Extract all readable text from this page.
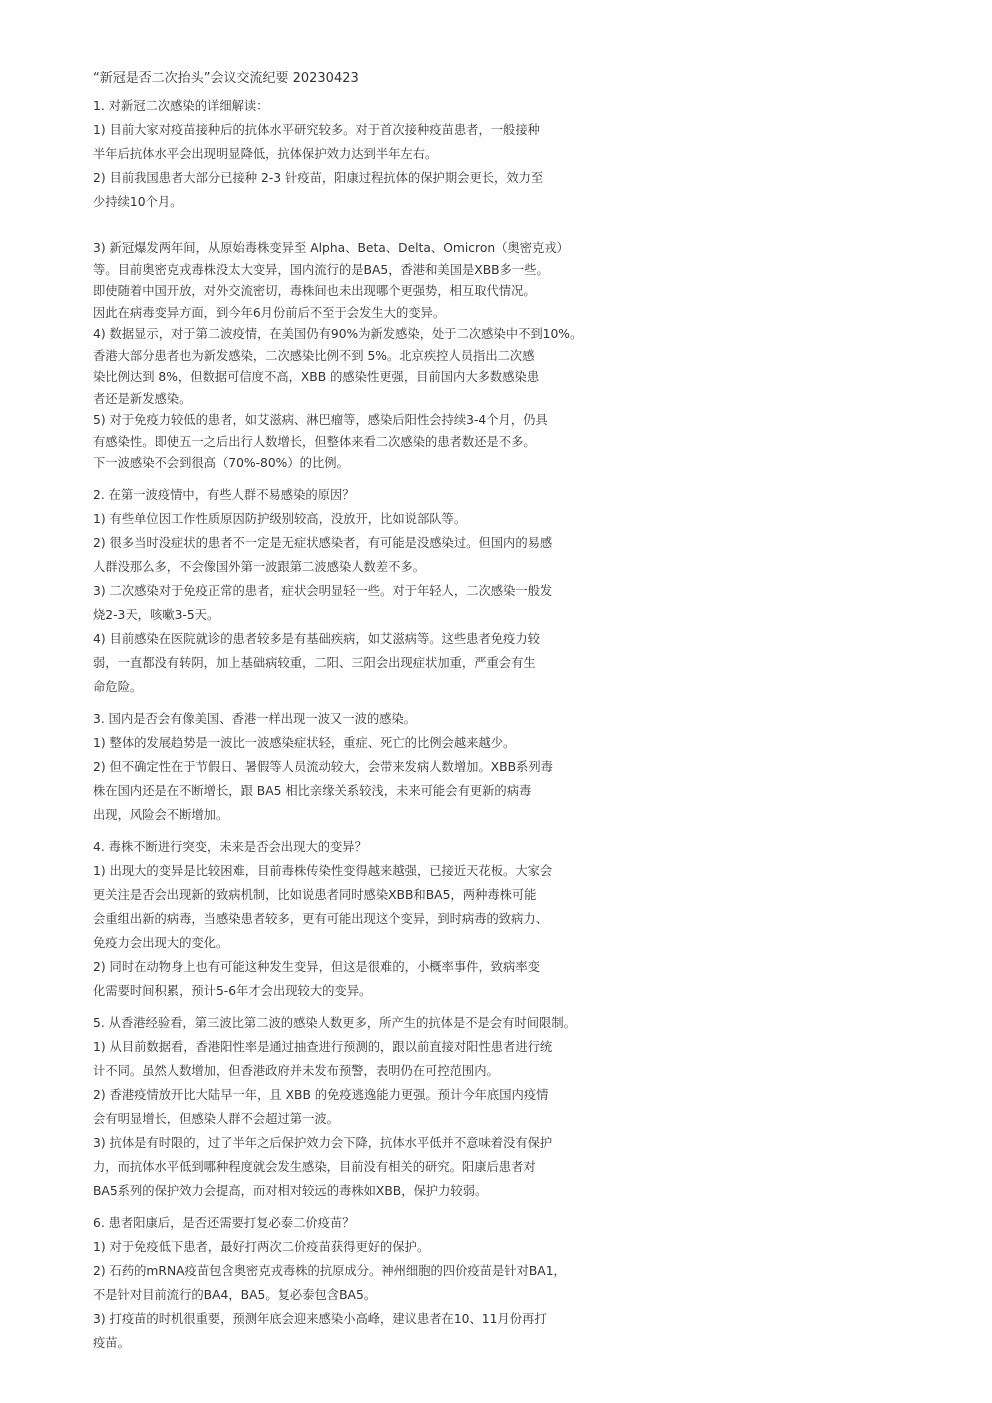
“新冠是否二次抬头”会议交流纪要 20230423
1. 对新冠二次感染的详细解读：
1) 目前大家对疫苗接种后的抗体水平研究较多。对于首次接种疫苗患者，一般接种
半年后抗体水平会出现明显降低，抗体保护效力达到半年左右。
2) 目前我国患者大部分已接种 2-3 针疫苗，阳康过程抗体的保护期会更长，效力至
少持续10个月。
3) 新冠爆发两年间，从原始毒株变异至 Alpha、Beta、Delta、Omicron（奥密克戎）
等。目前奥密克戎毒株没太大变异，国内流行的是BA5，香港和美国是XBB多一些。
即使随着中国开放，对外交流密切，毒株间也未出现哪个更强势，相互取代情况。
因此在病毒变异方面，到今年6月份前后不至于会发生大的变异。
4) 数据显示，对于第二波疫情，在美国仍有90%为新发感染，处于二次感染中不到10%。
香港大部分患者也为新发感染，二次感染比例不到 5%。北京疾控人员指出二次感
染比例达到 8%，但数据可信度不高，XBB 的感染性更强，目前国内大多数感染患
者还是新发感染。
5) 对于免疫力较低的患者，如艾滋病、淋巴瘤等，感染后阳性会持续3-4个月，仍具
有感染性。即使五一之后出行人数增长，但整体来看二次感染的患者数还是不多。
下一波感染不会到很高（70%-80%）的比例。
2. 在第一波疫情中，有些人群不易感染的原因？
1) 有些单位因工作性质原因防护级别较高，没放开，比如说部队等。
2) 很多当时没症状的患者不一定是无症状感染者，有可能是没感染过。但国内的易感
人群没那么多，不会像国外第一波跟第二波感染人数差不多。
3) 二次感染对于免疫正常的患者，症状会明显轻一些。对于年轻人，二次感染一般发
烧2-3天，咳嗽3-5天。
4) 目前感染在医院就诊的患者较多是有基础疾病，如艾滋病等。这些患者免疫力较
弱，一直都没有转阴，加上基础病较重，二阳、三阳会出现症状加重，严重会有生
命危险。
3. 国内是否会有像美国、香港一样出现一波又一波的感染。
1) 整体的发展趋势是一波比一波感染症状轻，重症、死亡的比例会越来越少。
2) 但不确定性在于节假日、暑假等人员流动较大，会带来发病人数增加。XBB系列毒
株在国内还是在不断增长，跟 BA5 相比亲缘关系较浅，未来可能会有更新的病毒
出现，风险会不断增加。
4. 毒株不断进行突变，未来是否会出现大的变异？
1) 出现大的变异是比较困难，目前毒株传染性变得越来越强，已接近天花板。大家会
更关注是否会出现新的致病机制，比如说患者同时感染XBB和BA5，两种毒株可能
会重组出新的病毒，当感染患者较多，更有可能出现这个变异，到时病毒的致病力、
免疫力会出现大的变化。
2) 同时在动物身上也有可能这种发生变异，但这是很难的，小概率事件，致病率变
化需要时间积累，预计5-6年才会出现较大的变异。
5. 从香港经验看，第三波比第二波的感染人数更多，所产生的抗体是不是会有时间限制。
1) 从目前数据看，香港阳性率是通过抽查进行预测的，跟以前直接对阳性患者进行统
计不同。虽然人数增加，但香港政府并未发布预警，表明仍在可控范围内。
2) 香港疫情放开比大陆早一年，且 XBB 的免疫逃逸能力更强。预计今年底国内疫情
会有明显增长，但感染人群不会超过第一波。
3) 抗体是有时限的，过了半年之后保护效力会下降，抗体水平低并不意味着没有保护
力，而抗体水平低到哪种程度就会发生感染，目前没有相关的研究。阳康后患者对
BA5系列的保护效力会提高，而对相对较远的毒株如XBB，保护力较弱。
6. 患者阳康后，是否还需要打复必泰二价疫苗？
1) 对于免疫低下患者，最好打两次二价疫苗获得更好的保护。
2) 石药的mRNA疫苗包含奥密克戎毒株的抗原成分。神州细胞的四价疫苗是针对BA1，
不是针对目前流行的BA4，BA5。复必泰包含BA5。
3) 打疫苗的时机很重要，预测年底会迎来感染小高峰，建议患者在10、11月份再打
疫苗。
